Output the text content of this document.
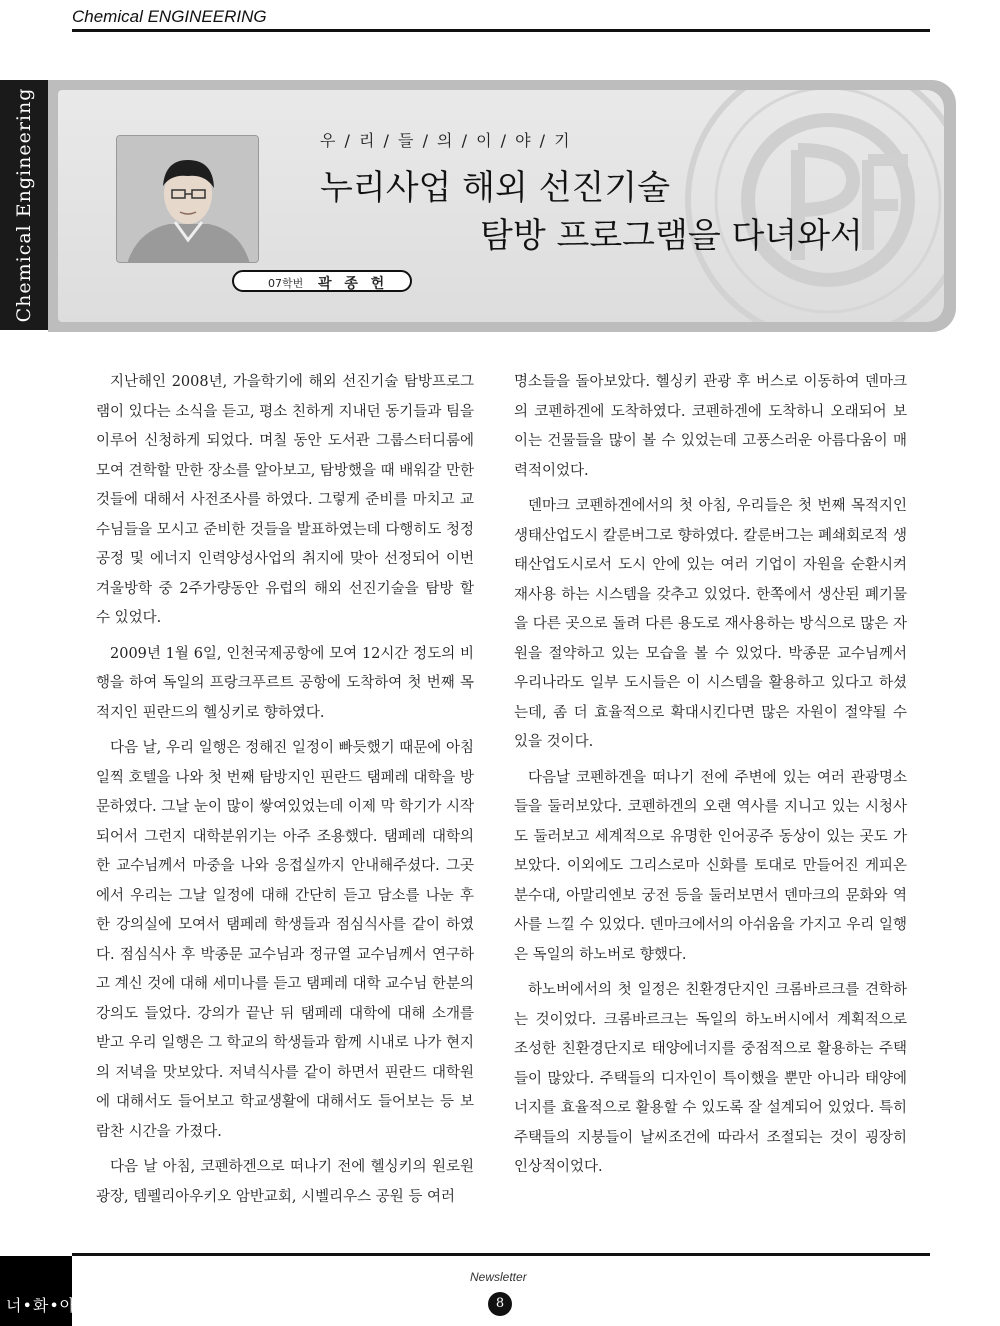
Chemical ENGINEERING
Chemical Engineering	우 / 리 / 들 / 의 / 이 / 야 / 기
누리사업 해외 선진기술
탐방 프로그램을 다녀와서
07학번 곽 종 헌

지난해인 2008년, 가을학기에 해외 선진기술 탐방프로그램이 있다는 소식을 듣고, 평소 친하게 지내던 동기들과 팀을 이루어 신청하게 되었다. 며칠 동안 도서관 그룹스터디룸에 모여 견학할 만한 장소를 알아보고, 탐방했을 때 배워갈 만한 것들에 대해서 사전조사를 하였다. 그렇게 준비를 마치고 교수님들을 모시고 준비한 것들을 발표하였는데 다행히도 청정공정 및 에너지 인력양성사업의 취지에 맞아 선정되어 이번 겨울방학 중 2주가량동안 유럽의 해외 선진기술을 탐방 할 수 있었다.

2009년 1월 6일, 인천국제공항에 모여 12시간 정도의 비행을 하여 독일의 프랑크푸르트 공항에 도착하여 첫 번째 목적지인 핀란드의 헬싱키로 향하였다.

다음 날, 우리 일행은 정해진 일정이 빠듯했기 때문에 아침 일찍 호텔을 나와 첫 번째 탐방지인 핀란드 탬페레 대학을 방문하였다. 그날 눈이 많이 쌓여있었는데 이제 막 학기가 시작되어서 그런지 대학분위기는 아주 조용했다. 탬페레 대학의 한 교수님께서 마중을 나와 응접실까지 안내해주셨다. 그곳에서 우리는 그날 일정에 대해 간단히 듣고 담소를 나눈 후 한 강의실에 모여서 탬페레 학생들과 점심식사를 같이 하였다. 점심식사 후 박종문 교수님과 정규열 교수님께서 연구하고 계신 것에 대해 세미나를 듣고 탬페레 대학 교수님 한분의 강의도 들었다. 강의가 끝난 뒤 탬페레 대학에 대해 소개를 받고 우리 일행은 그 학교의 학생들과 함께 시내로 나가 현지의 저녁을 맛보았다. 저녁식사를 같이 하면서 핀란드 대학원에 대해서도 들어보고 학교생활에 대해서도 들어보는 등 보람찬 시간을 가졌다.

다음 날 아침, 코펜하겐으로 떠나기 전에 헬싱키의 원로원 광장, 템펠리아우키오 암반교회, 시벨리우스 공원 등 여러

명소들을 돌아보았다. 헬싱키 관광 후 버스로 이동하여 덴마크의 코펜하겐에 도착하였다. 코펜하겐에 도착하니 오래되어 보이는 건물들을 많이 볼 수 있었는데 고풍스러운 아름다움이 매력적이었다.

덴마크 코펜하겐에서의 첫 아침, 우리들은 첫 번째 목적지인 생태산업도시 칼룬버그로 향하였다. 칼룬버그는 폐쇄회로적 생태산업도시로서 도시 안에 있는 여러 기업이 자원을 순환시켜 재사용 하는 시스템을 갖추고 있었다. 한쪽에서 생산된 폐기물을 다른 곳으로 돌려 다른 용도로 재사용하는 방식으로 많은 자원을 절약하고 있는 모습을 볼 수 있었다. 박종문 교수님께서 우리나라도 일부 도시들은 이 시스템을 활용하고 있다고 하셨는데, 좀 더 효율적으로 확대시킨다면 많은 자원이 절약될 수 있을 것이다.

다음날 코펜하겐을 떠나기 전에 주변에 있는 여러 관광명소들을 둘러보았다. 코펜하겐의 오랜 역사를 지니고 있는 시청사도 둘러보고 세계적으로 유명한 인어공주 동상이 있는 곳도 가보았다. 이외에도 그리스로마 신화를 토대로 만들어진 게피온 분수대, 아말리엔보 궁전 등을 둘러보면서 덴마크의 문화와 역사를 느낄 수 있었다. 덴마크에서의 아쉬움을 가지고 우리 일행은 독일의 하노버로 향했다.

하노버에서의 첫 일정은 친환경단지인 크롬바르크를 견학하는 것이었다. 크롬바르크는 독일의 하노버시에서 계획적으로 조성한 친환경단지로 태양에너지를 중점적으로 활용하는 주택들이 많았다. 주택들의 디자인이 특이했을 뿐만 아니라 태양에너지를 효율적으로 활용할 수 있도록 잘 설계되어 있었다. 특히 주택들의 지붕들이 날씨조건에 따라서 조절되는 것이 굉장히 인상적이었다.

너•화•아
Newsletter
8
